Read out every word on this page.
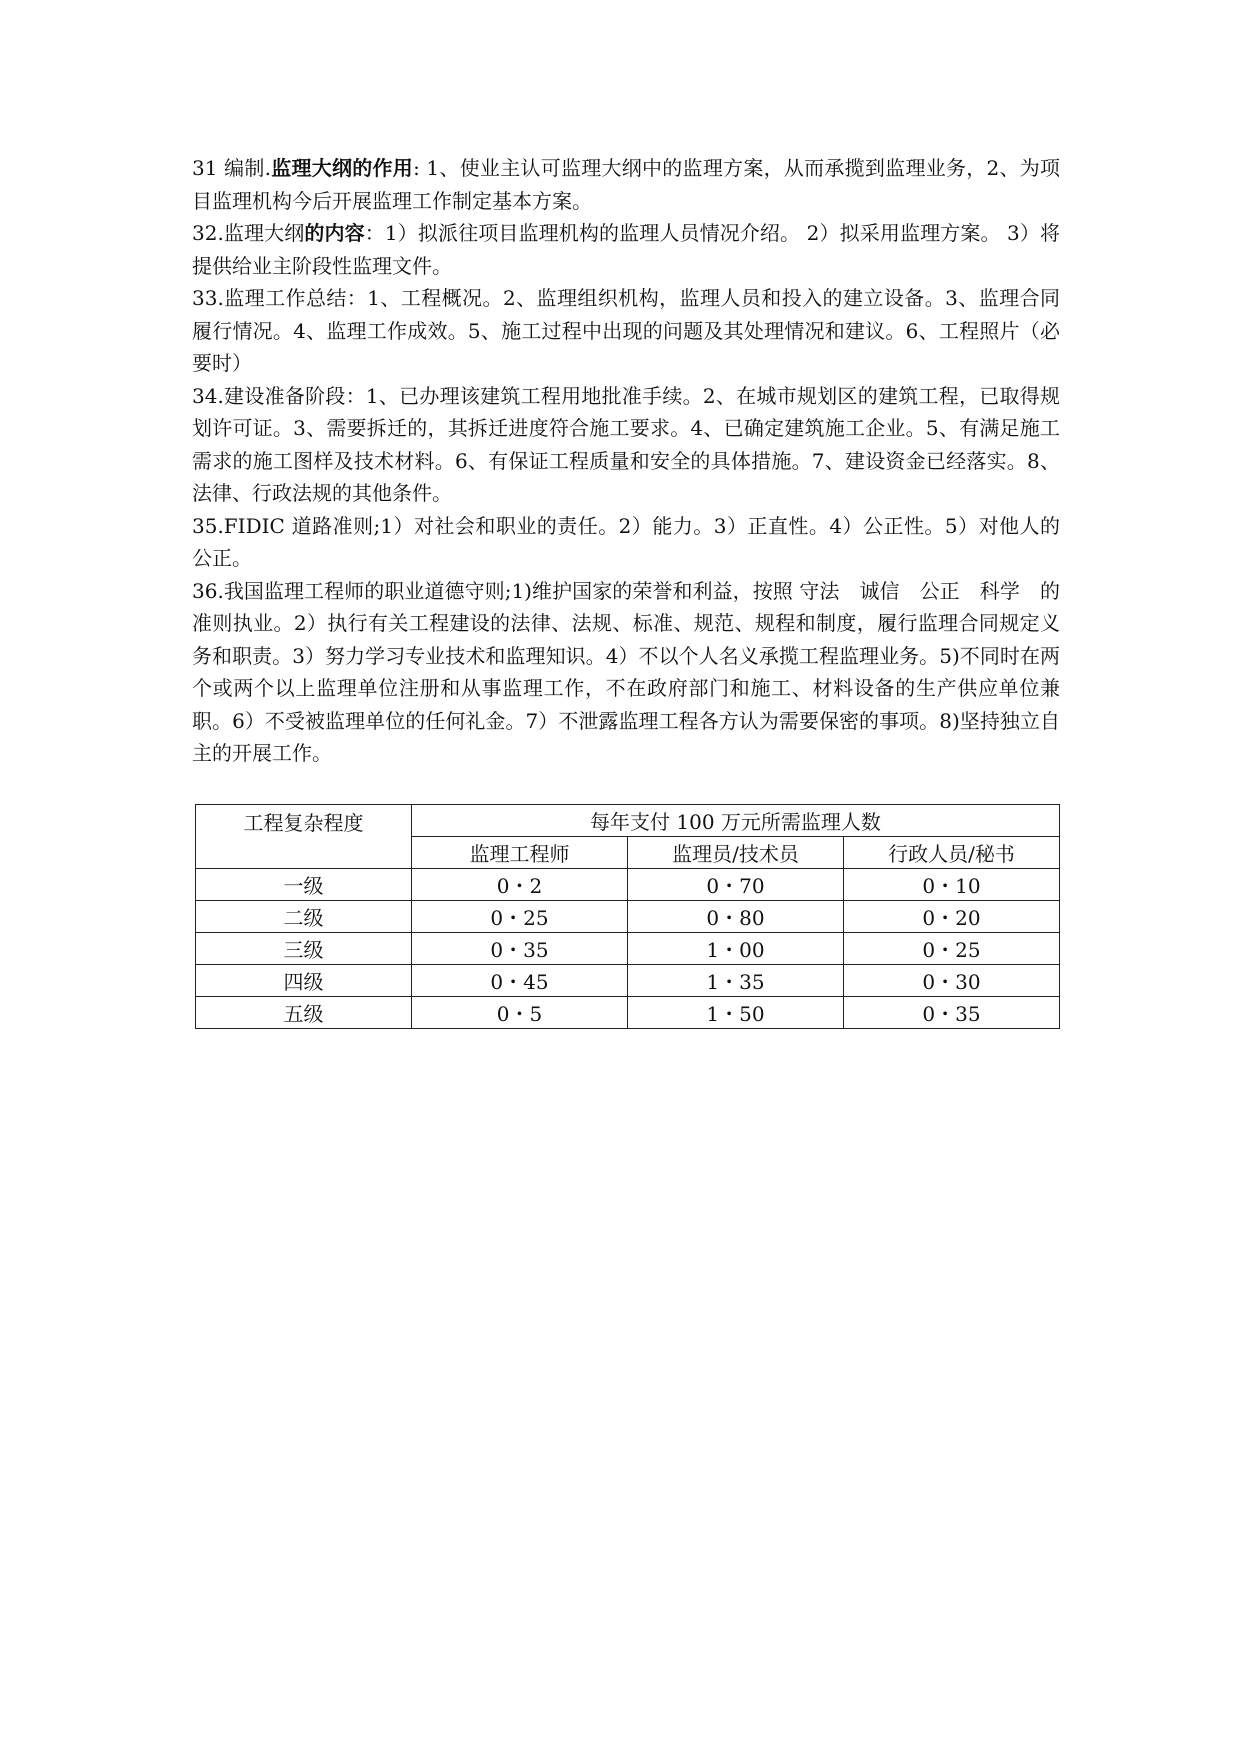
31 编制.监理大纲的作用: 1、使业主认可监理大纲中的监理方案，从而承揽到监理业务，2、为项目监理机构今后开展监理工作制定基本方案。

32.监理大纲的内容：1）拟派往项目监理机构的监理人员情况介绍。 2）拟采用监理方案。 3）将提供给业主阶段性监理文件。

33.监理工作总结：1、工程概况。2、监理组织机构，监理人员和投入的建立设备。3、监理合同履行情况。4、监理工作成效。5、施工过程中出现的问题及其处理情况和建议。6、工程照片（必要时）

34.建设准备阶段：1、已办理该建筑工程用地批准手续。2、在城市规划区的建筑工程，已取得规划许可证。3、需要拆迁的，其拆迁进度符合施工要求。4、已确定建筑施工企业。5、有满足施工需求的施工图样及技术材料。6、有保证工程质量和安全的具体措施。7、建设资金已经落实。8、法律、行政法规的其他条件。

35.FIDIC 道路准则;1）对社会和职业的责任。2）能力。3）正直性。4）公正性。5）对他人的公正。

36.我国监理工程师的职业道德守则;1)维护国家的荣誉和利益，按照 守法　诚信　公正　科学　的准则执业。2）执行有关工程建设的法律、法规、标准、规范、规程和制度，履行监理合同规定义务和职责。3）努力学习专业技术和监理知识。4）不以个人名义承揽工程监理业务。5)不同时在两个或两个以上监理单位注册和从事监理工作，不在政府部门和施工、材料设备的生产供应单位兼职。6）不受被监理单位的任何礼金。7）不泄露监理工程各方认为需要保密的事项。8)坚持独立自主的开展工作。

工程复杂程度	每年支付 100 万元所需监理人数		
	监理工程师	监理员/技术员	行政人员/秘书
一级	0・2	0・70	0・10
二级	0・25	0・80	0・20
三级	0・35	1・00	0・25
四级	0・45	1・35	0・30
五级	0・5	1・50	0・35
